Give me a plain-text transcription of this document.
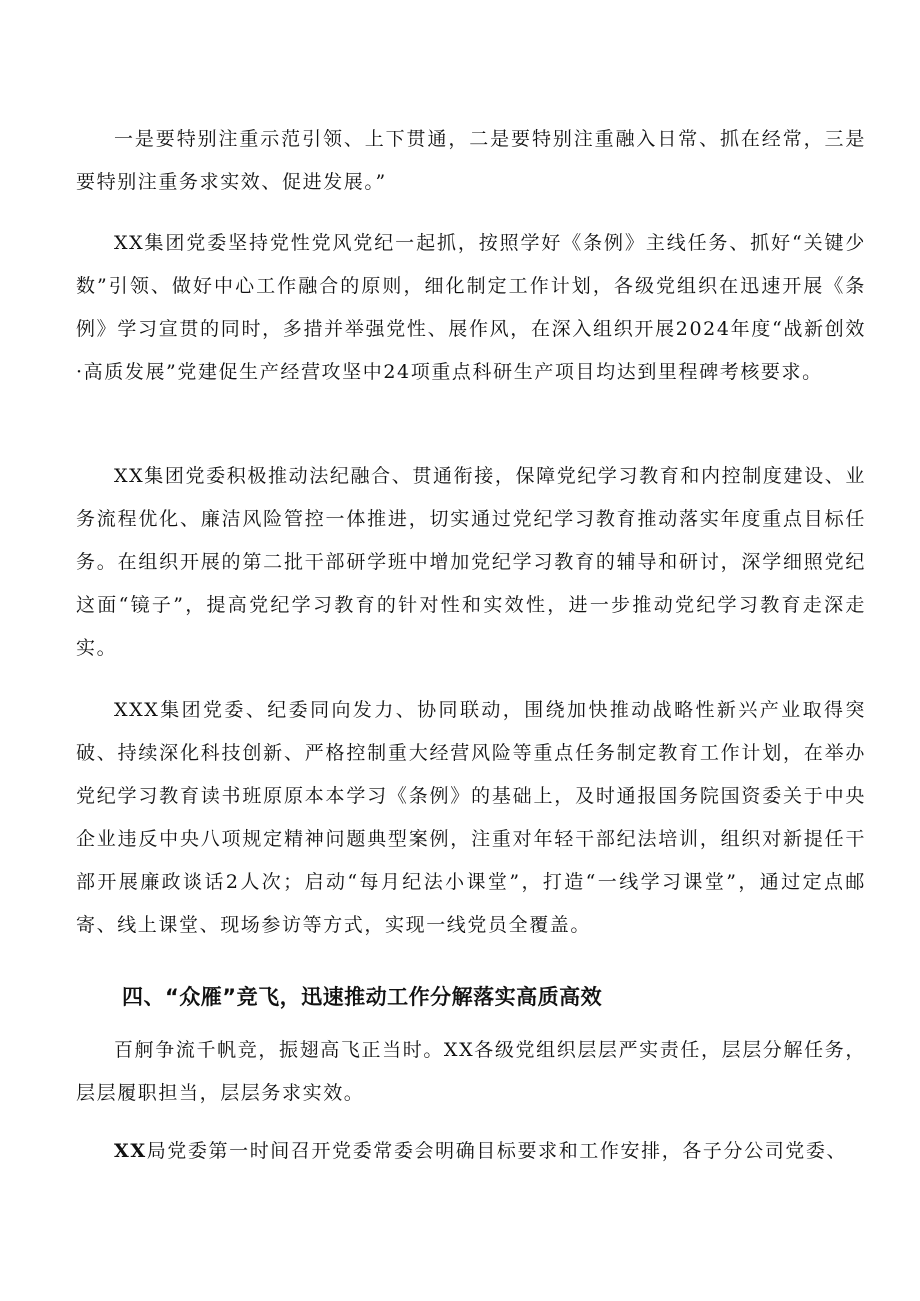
一是要特别注重示范引领、上下贯通，二是要特别注重融入日常、抓在经常，三是要特别注重务求实效、促进发展。”

XX集团党委坚持党性党风党纪一起抓，按照学好《条例》主线任务、抓好“关键少数”引领、做好中心工作融合的原则，细化制定工作计划，各级党组织在迅速开展《条例》学习宣贯的同时，多措并举强党性、展作风，在深入组织开展2024年度“战新创效·高质发展”党建促生产经营攻坚中24项重点科研生产项目均达到里程碑考核要求。

XX集团党委积极推动法纪融合、贯通衔接，保障党纪学习教育和内控制度建设、业务流程优化、廉洁风险管控一体推进，切实通过党纪学习教育推动落实年度重点目标任务。在组织开展的第二批干部研学班中增加党纪学习教育的辅导和研讨，深学细照党纪这面“镜子”，提高党纪学习教育的针对性和实效性，进一步推动党纪学习教育走深走实。

XXX集团党委、纪委同向发力、协同联动，围绕加快推动战略性新兴产业取得突破、持续深化科技创新、严格控制重大经营风险等重点任务制定教育工作计划，在举办党纪学习教育读书班原原本本学习《条例》的基础上，及时通报国务院国资委关于中央企业违反中央八项规定精神问题典型案例，注重对年轻干部纪法培训，组织对新提任干部开展廉政谈话2人次；启动“每月纪法小课堂”，打造“一线学习课堂”，通过定点邮寄、线上课堂、现场参访等方式，实现一线党员全覆盖。

四、“众雁”竞飞，迅速推动工作分解落实高质高效

百舸争流千帆竞，振翅高飞正当时。XX各级党组织层层严实责任，层层分解任务，层层履职担当，层层务求实效。

XX局党委第一时间召开党委常委会明确目标要求和工作安排，各子分公司党委、
